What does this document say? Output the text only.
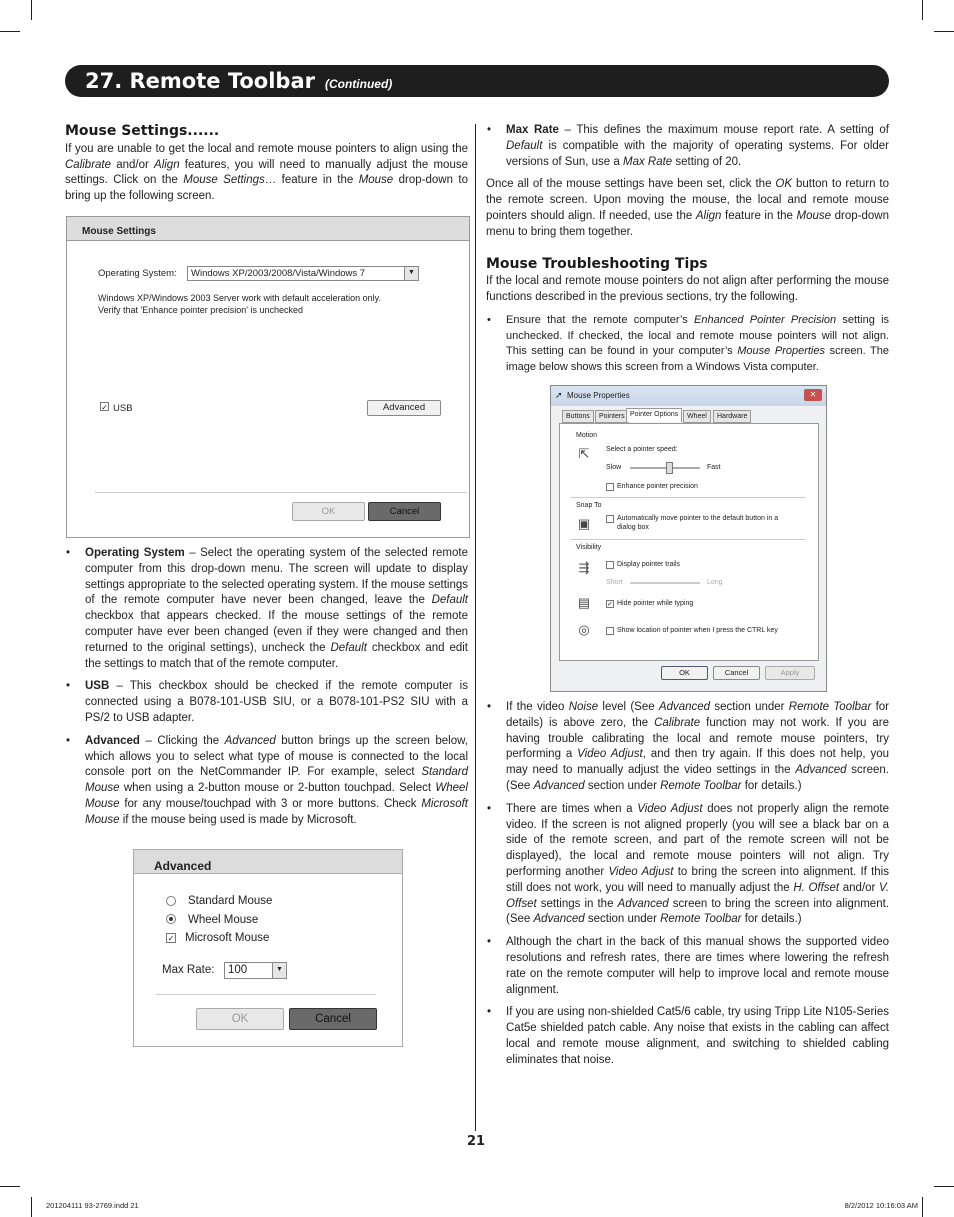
27. Remote Toolbar (Continued)
Mouse Settings......

If you are unable to get the local and remote mouse pointers to align using the Calibrate and/or Align features, you will need to manually adjust the mouse settings. Click on the Mouse Settings… feature in the Mouse drop-down to bring up the following screen.

Mouse Settings
Operating System:	Windows XP/2003/2008/Vista/Windows 7	▼
Windows XP/Windows 2003 Server work with default acceleration only.
Verify that 'Enhance pointer precision' is unchecked
✓ USB	Advanced
OK	Cancel
• Operating System – Select the operating system of the selected remote computer from this drop-down menu. The screen will update to display settings appropriate to the selected operating system. If the mouse settings of the remote computer have never been changed, leave the Default checkbox that appears checked. If the mouse settings of the remote computer have ever been changed (even if they were changed and then returned to the original settings), uncheck the Default checkbox and edit the settings to match that of the remote computer.
• USB – This checkbox should be checked if the remote computer is connected using a B078-101-USB SIU, or a B078-101-PS2 SIU with a PS/2 to USB adapter.
• Advanced – Clicking the Advanced button brings up the screen below, which allows you to select what type of mouse is connected to the local console port on the NetCommander IP. For example, select Standard Mouse when using a 2-button mouse or 2-button touchpad. Select Wheel Mouse for any mouse/touchpad with 3 or more buttons. Check Microsoft Mouse if the mouse being used is made by Microsoft.
Advanced
Standard Mouse
Wheel Mouse
✓ Microsoft Mouse
Max Rate:	100	▼
OK	Cancel
• Max Rate – This defines the maximum mouse report rate. A setting of Default is compatible with the majority of operating systems. For older versions of Sun, use a Max Rate setting of 20.

Once all of the mouse settings have been set, click the OK button to return to the remote screen. Upon moving the mouse, the local and remote mouse pointers should align. If needed, use the Align feature in the Mouse drop-down menu to bring them together.

Mouse Troubleshooting Tips

If the local and remote mouse pointers do not align after performing the mouse functions described in the previous sections, try the following.

• Ensure that the remote computer’s Enhanced Pointer Precision setting is unchecked. If checked, the local and remote mouse pointers will not align. This setting can be found in your computer’s Mouse Properties screen. The image below shows this screen from a Windows Vista computer.
➚ Mouse Properties	✕
Buttons	Pointers Pointer Options	Wheel	Hardware
Motion
⇱	Select a pointer speed:
Slow	Fast
Enhance pointer precision
Snap To
▣	Automatically move pointer to the default button in a
dialog box
Visibility
⇶	Display pointer trails
Short	Long
▤	✓ Hide pointer while typing
◎	Show location of pointer when I press the CTRL key
OK	Cancel	Apply
• If the video Noise level (See Advanced section under Remote Toolbar for details) is above zero, the Calibrate function may not work. If you are having trouble calibrating the local and remote mouse pointers, try performing a Video Adjust, and then try again. If this does not help, you may need to manually adjust the video settings in the Advanced screen. (See Advanced section under Remote Toolbar for details.)
• There are times when a Video Adjust does not properly align the remote video. If the screen is not aligned properly (you will see a black bar on a side of the remote screen, and part of the remote screen will not be displayed), the local and remote mouse pointers will not align. Try performing another Video Adjust to bring the screen into alignment. If this still does not work, you will need to manually adjust the H. Offset and/or V. Offset settings in the Advanced screen to bring the screen into alignment. (See Advanced section under Remote Toolbar for details.)
• Although the chart in the back of this manual shows the supported video resolutions and refresh rates, there are times where lowering the refresh rate on the remote computer will help to improve local and remote mouse alignment.
• If you are using non-shielded Cat5/6 cable, try using Tripp Lite N105-Series Cat5e shielded patch cable. Any noise that exists in the cabling can affect local and remote mouse alignment, and switching to shielded cabling eliminates that noise.
21
201204111 93-2769.indd 21	8/2/2012 10:16:03 AM
